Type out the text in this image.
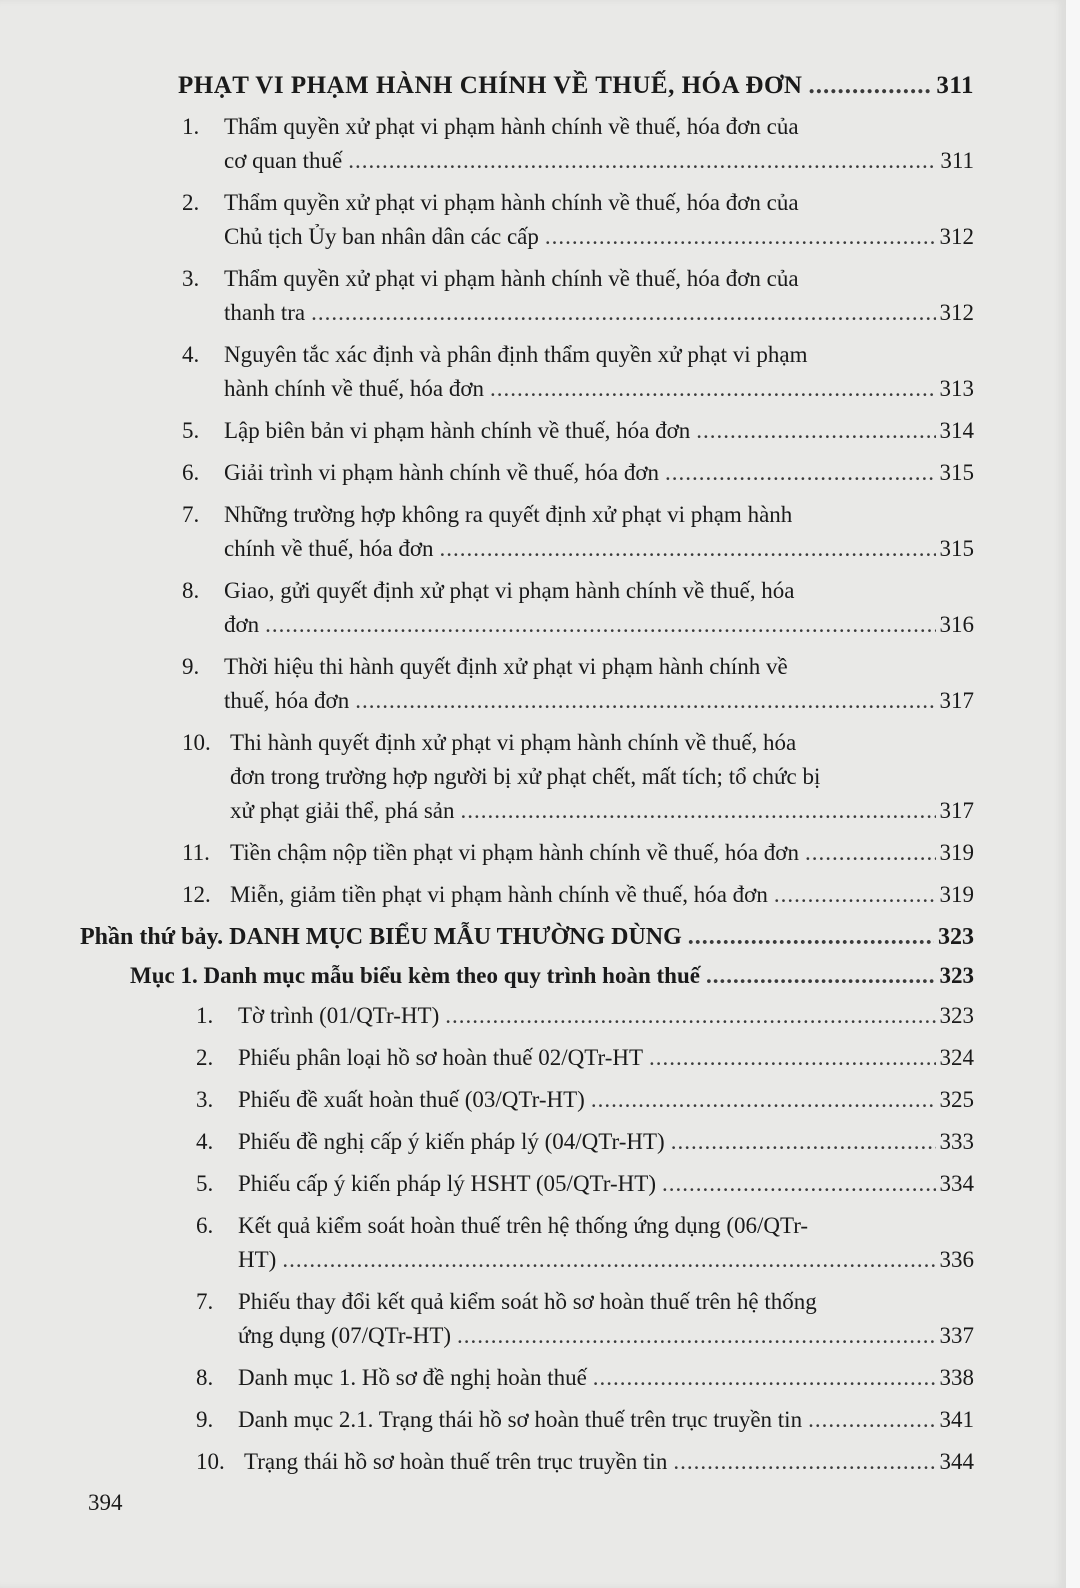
PHẠT VI PHẠM HÀNH CHÍNH VỀ THUẾ, HÓA ĐƠN .....	311
1. Thẩm quyền xử phạt vi phạm hành chính về thuế, hóa đơn của
cơ quan thuế .....	311
2. Thẩm quyền xử phạt vi phạm hành chính về thuế, hóa đơn của
Chủ tịch Ủy ban nhân dân các cấp .....	312
3. Thẩm quyền xử phạt vi phạm hành chính về thuế, hóa đơn của
thanh tra .....	312
4. Nguyên tắc xác định và phân định thẩm quyền xử phạt vi phạm
hành chính về thuế, hóa đơn .....	313
5.	Lập biên bản vi phạm hành chính về thuế, hóa đơn .....	314
6.	Giải trình vi phạm hành chính về thuế, hóa đơn .....	315
7. Những trường hợp không ra quyết định xử phạt vi phạm hành
chính về thuế, hóa đơn .....	315
8. Giao, gửi quyết định xử phạt vi phạm hành chính về thuế, hóa
đơn .....	316
9. Thời hiệu thi hành quyết định xử phạt vi phạm hành chính về
thuế, hóa đơn .....	317
10. Thi hành quyết định xử phạt vi phạm hành chính về thuế, hóa
đơn trong trường hợp người bị xử phạt chết, mất tích; tổ chức bị
xử phạt giải thể, phá sản .....	317
11. Tiền chậm nộp tiền phạt vi phạm hành chính về thuế, hóa đơn .....	319
12. Miễn, giảm tiền phạt vi phạm hành chính về thuế, hóa đơn .....	319
Phần thứ bảy. DANH MỤC BIỂU MẪU THƯỜNG DÙNG .....	323
Mục 1. Danh mục mẫu biểu kèm theo quy trình hoàn thuế .....	323
1.	Tờ trình (01/QTr-HT) .....	323
2.	Phiếu phân loại hồ sơ hoàn thuế 02/QTr-HT .....	324
3.	Phiếu đề xuất hoàn thuế (03/QTr-HT) .....	325
4.	Phiếu đề nghị cấp ý kiến pháp lý (04/QTr-HT) .....	333
5.	Phiếu cấp ý kiến pháp lý HSHT (05/QTr-HT) .....	334
6. Kết quả kiểm soát hoàn thuế trên hệ thống ứng dụng (06/QTr-
HT) .....	336
7. Phiếu thay đổi kết quả kiểm soát hồ sơ hoàn thuế trên hệ thống
ứng dụng (07/QTr-HT) .....	337
8.	Danh mục 1. Hồ sơ đề nghị hoàn thuế .....	338
9.	Danh mục 2.1. Trạng thái hồ sơ hoàn thuế trên trục truyền tin .....	341
10. Trạng thái hồ sơ hoàn thuế trên trục truyền tin .....	344
394
